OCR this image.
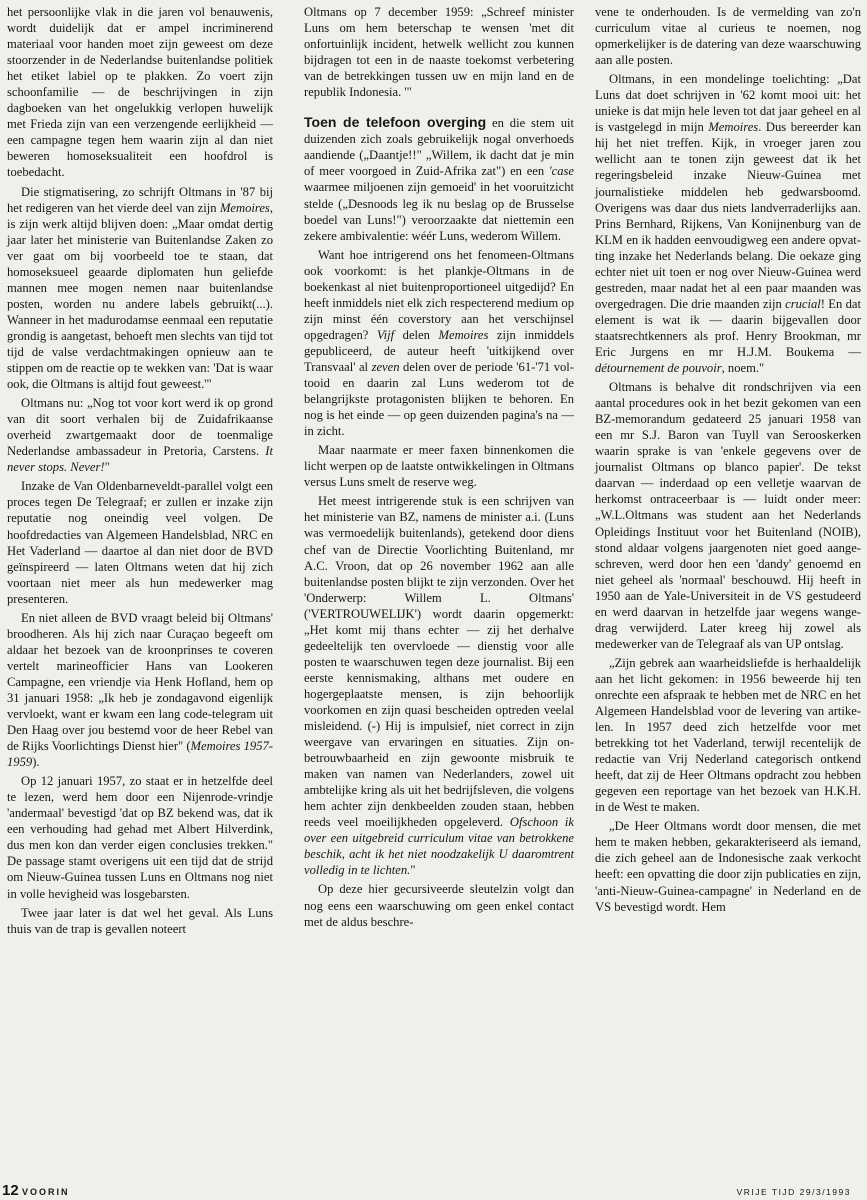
het persoonlijke vlak in die jaren vol benauwenis, wordt duidelijk dat er ampel incriminerend materiaal voor handen moet zijn geweest om deze stoorzender in de Nederlandse buitenlandse politiek het etiket labiel op te plakken. Zo voert zijn schoonfamilie — de beschrijvingen in zijn dagboeken van het ongelukkig verlopen huwelijk met Frieda zijn van een verzengende eerlijkheid — een campagne tegen hem waarin zijn al dan niet beweren homoseksualiteit een hoofdrol is toebedacht.

Die stigmatisering, zo schrijft Oltmans in '87 bij het redigeren van het vierde deel van zijn Memoires, is zijn werk altijd blijven doen: „Maar omdat dertig jaar later het ministerie van Buitenlandse Zaken zo ver gaat om bij voorbeeld toe te staan, dat homoseksueel geaarde diplomaten hun geliefde mannen mee mogen nemen naar buitenlandse posten, worden nu andere labels gebruikt(...). Wanneer in het madurodamse eenmaal een reputatie grondig is aangetast, behoeft men slechts van tijd tot tijd de valse verdachtmakingen opnieuw aan te stippen om de reactie op te wekken van: 'Dat is waar ook, die Oltmans is altijd fout geweest.'"

Oltmans nu: „Nog tot voor kort werd ik op grond van dit soort verhalen bij de Zuidafrikaanse overheid zwartgemaakt door de toenmalige Nederlandse ambassadeur in Pretoria, Carstens. It never stops. Never!"

Inzake de Van Oldenbarneveldt-parallel volgt een proces tegen De Telegraaf; er zullen er inzake zijn reputatie nog oneindig veel volgen. De hoofdredacties van Algemeen Handelsblad, NRC en Het Vaderland — daartoe al dan niet door de BVD geïnspireerd — laten Oltmans weten dat hij zich voortaan niet meer als hun medewerker mag presenteren.

En niet alleen de BVD vraagt beleid bij Oltmans' broodheren. Als hij zich naar Curaçao begeeft om aldaar het bezoek van de kroonprinses te coveren vertelt marineofficier Hans van Lookeren Campagne, een vriendje via Henk Hofland, hem op 31 januari 1958: „Ik heb je zondagavond eigenlijk vervloekt, want er kwam een lang code-telegram uit Den Haag over jou bestemd voor de heer Rebel van de Rijks Voorlichtings Dienst hier" (Memoires 1957-1959).

Op 12 januari 1957, zo staat er in hetzelfde deel te lezen, werd hem door een Nijenrode-vrindje 'andermaal' bevestigd 'dat op BZ bekend was, dat ik een verhouding had gehad met Albert Hilverdink, dus men kon dan verder eigen conclusies trekken." De passage stamt overigens uit een tijd dat de strijd om Nieuw-Guinea tussen Luns en Oltmans nog niet in volle hevigheid was losgebarsten.

Twee jaar later is dat wel het geval. Als Luns thuis van de trap is gevallen noteert

Oltmans op 7 december 1959: „Schreef minister Luns om hem beterschap te wensen 'met dit onfortuinlijk incident, hetwelk wellicht zou kunnen bijdragen tot een in de naaste toekomst verbetering van de betrekkingen tussen uw en mijn land en de republik Indonesia. '"

Toen de telefoon overging en die stem uit duizenden zich zoals gebruikelijk nogal onverhoeds aandiende („Daantje!!" „Willem, ik dacht dat je min of meer voorgoed in Zuid-Afrika zat") en een 'case waarmee miljoenen zijn gemoeid' in het vooruitzicht stelde („Desnoods leg ik nu beslag op de Brusselse boedel van Luns!") veroorzaakte dat niettemin een zekere ambivalentie: wéér Luns, wederom Willem.

Want hoe intrigerend ons het fenomeen-Oltmans ook voorkomt: is het plankje-Oltmans in de boekenkast al niet buitenproportioneel uitgedijd? En heeft inmiddels niet elk zich respecterend medium op zijn minst één coverstory aan het verschijnsel opgedragen? Vijf delen Memoires zijn inmiddels gepubliceerd, de auteur heeft 'uitkijkend over Transvaal' al zeven delen over de periode '61-'71 voltooid en daarin zal Luns wederom tot de belangrijkste protagonisten blijken te behoren. En nog is het einde — op geen duizenden pagina's na — in zicht.

Maar naarmate er meer faxen binnenkomen die licht werpen op de laatste ontwikkelingen in Oltmans versus Luns smelt de reserve weg.

Het meest intrigerende stuk is een schrijven van het ministerie van BZ, namens de minister a.i. (Luns was vermoedelijk buitenlands), getekend door diens chef van de Directie Voorlichting Buitenland, mr A.C. Vroon, dat op 26 november 1962 aan alle buitenlandse posten blijkt te zijn verzonden. Over het 'Onderwerp: Willem L. Oltmans' ('VERTROUWELIJK') wordt daarin opgemerkt: „Het komt mij thans echter — zij het derhalve gedeeltelijk ten overvloede — dienstig voor alle posten te waarschuwen tegen deze journalist. Bij een eerste kennismaking, althans met oudere en hogergeplaatste mensen, is zijn behoorlijk voorkomen en zijn quasi bescheiden optreden veelal misleidend. (-) Hij is impulsief, niet correct in zijn weergave van ervaringen en situaties. Zijn onbetrouwbaarheid en zijn gewoonte misbruik te maken van namen van Nederlanders, zowel uit ambtelijke kring als uit het bedrijfsleven, die volgens hem achter zijn denkbeelden zouden staan, hebben reeds veel moeilijkheden opgeleverd. Ofschoon ik over een uitgebreid curriculum vitae van betrokkene beschik, acht ik het niet noodzakelijk U daaromtrent volledig in te lichten."

Op deze hier gecursiveerde sleutelzin volgt dan nog eens een waarschuwing om geen enkel contact met de aldus beschre-

vene te onderhouden. Is de vermelding van zo'n curriculum vitae al curieus te noemen, nog opmerkelijker is de datering van deze waarschuwing aan alle posten.

Oltmans, in een mondelinge toelichting: „Dat Luns dat doet schrijven in '62 komt mooi uit: het unieke is dat mijn hele leven tot dat jaar geheel en al is vastgelegd in mijn Memoires. Dus bereerder kan hij het niet treffen. Kijk, in vroeger jaren zou wellicht aan te tonen zijn geweest dat ik het regeringsbeleid inzake Nieuw-Guinea met journalistieke middelen heb gedwarsboomd. Overigens was daar dus niets landverraderlijks aan. Prins Bernhard, Rijkens, Van Konijnenburg van de KLM en ik hadden eenvoudigweg een andere opvatting inzake het Nederlands belang. Die oekaze ging echter niet uit toen er nog over Nieuw-Guinea werd gestreden, maar nadat het al een paar maanden was overgedragen. Die drie maanden zijn crucial! En dat element is wat ik — daarin bijgevallen door staatsrechtkenners als prof. Henry Brookman, mr Eric Jurgens en mr H.J.M. Boukema — détournement de pouvoir, noem."

Oltmans is behalve dit rondschrijven via een aantal procedures ook in het bezit gekomen van een BZ-memorandum gedateerd 25 januari 1958 van een mr S.J. Baron van Tuyll van Serooskerken waarin sprake is van 'enkele gegevens over de journalist Oltmans op blanco papier'. De tekst daarvan — inderdaad op een velletje waarvan de herkomst ontraceerbaar is — luidt onder meer: „W.L.Oltmans was student aan het Nederlands Opleidings Instituut voor het Buitenland (NOIB), stond aldaar volgens jaargenoten niet goed aangeschreven, werd door hen een 'dandy' genoemd en niet geheel als 'normaal' beschouwd. Hij heeft in 1950 aan de Yale-Universiteit in de VS gestudeerd en werd daarvan in hetzelfde jaar wegens wangedrag verwijderd. Later kreeg hij zowel als medewerker van de Telegraaf als van UP ontslag.

„Zijn gebrek aan waarheidsliefde is herhaaldelijk aan het licht gekomen: in 1956 beweerde hij ten onrechte een afspraak te hebben met de NRC en het Algemeen Handelsblad voor de levering van artikelen. In 1957 deed zich hetzelfde voor met betrekking tot het Vaderland, terwijl recentelijk de redactie van Vrij Nederland categorisch ontkend heeft, dat zij de Heer Oltmans opdracht zou hebben gegeven een reportage van het bezoek van H.K.H. in de West te maken.

„De Heer Oltmans wordt door mensen, die met hem te maken hebben, gekarakteriseerd als iemand, die zich geheel aan de Indonesische zaak verkocht heeft: een opvatting die door zijn publicaties en zijn, 'anti-Nieuw-Guinea-campagne' in Nederland en de VS bevestigd wordt. Hem

12 VOORIN	VRIJE TIJD 29/3/1993
